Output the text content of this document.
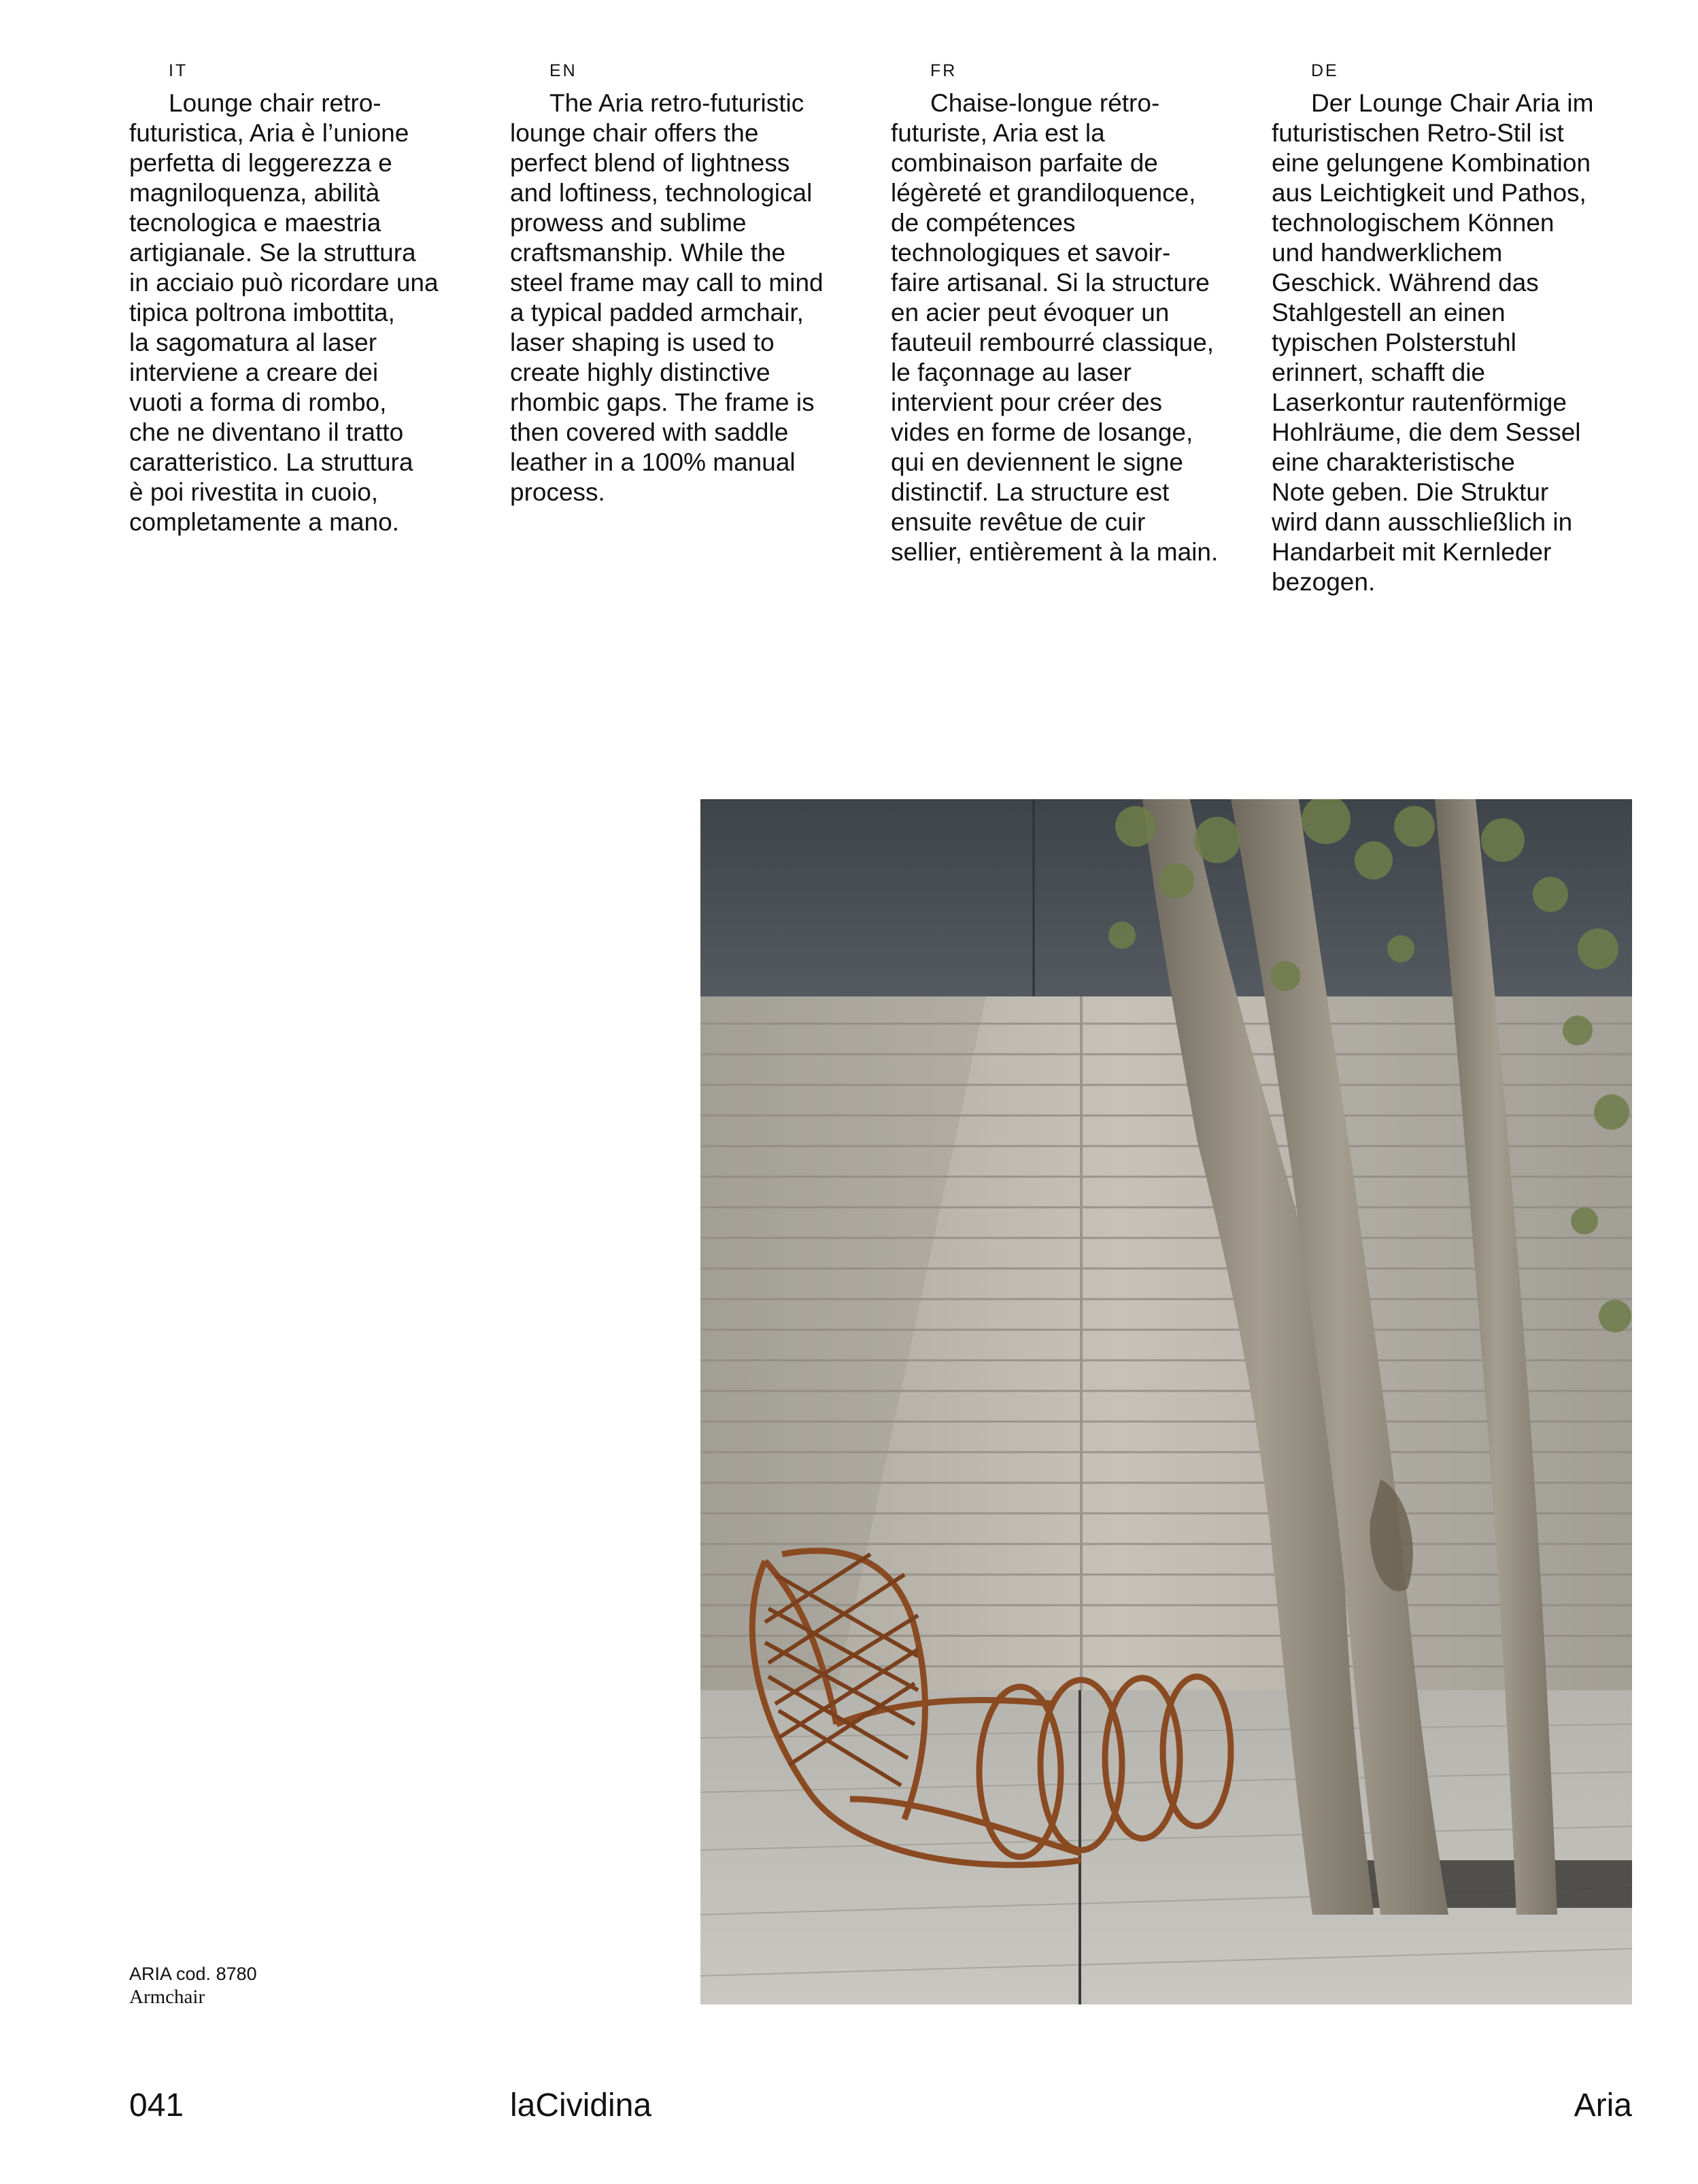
IT

Lounge chair retro-
futuristica, Aria è l’unione
perfetta di leggerezza e
magniloquenza, abilità
tecnologica e maestria
artigianale. Se la struttura
in acciaio può ricordare una
tipica poltrona imbottita,
la sagomatura al laser
interviene a creare dei
vuoti a forma di rombo,
che ne diventano il tratto
caratteristico. La struttura
è poi rivestita in cuoio,
completamente a mano.

EN

The Aria retro-futuristic
lounge chair offers the
perfect blend of lightness
and loftiness, technological
prowess and sublime
craftsmanship. While the
steel frame may call to mind
a typical padded armchair,
laser shaping is used to
create highly distinctive
rhombic gaps. The frame is
then covered with saddle
leather in a 100% manual
process.

FR

Chaise-longue rétro-
futuriste, Aria est la
combinaison parfaite de
légèreté et grandiloquence,
de compétences
technologiques et savoir-
faire artisanal. Si la structure
en acier peut évoquer un
fauteuil rembourré classique,
le façonnage au laser
intervient pour créer des
vides en forme de losange,
qui en deviennent le signe
distinctif. La structure est
ensuite revêtue de cuir
sellier, entièrement à la main.

DE

Der Lounge Chair Aria im
futuristischen Retro-Stil ist
eine gelungene Kombination
aus Leichtigkeit und Pathos,
technologischem Können
und handwerklichem
Geschick. Während das
Stahlgestell an einen
typischen Polsterstuhl
erinnert, schafft die
Laserkontur rautenförmige
Hohlräume, die dem Sessel
eine charakteristische
Note geben. Die Struktur
wird dann ausschließlich in
Handarbeit mit Kernleder
bezogen.

ARIA cod. 8780
Armchair
041	laCividina	Aria
